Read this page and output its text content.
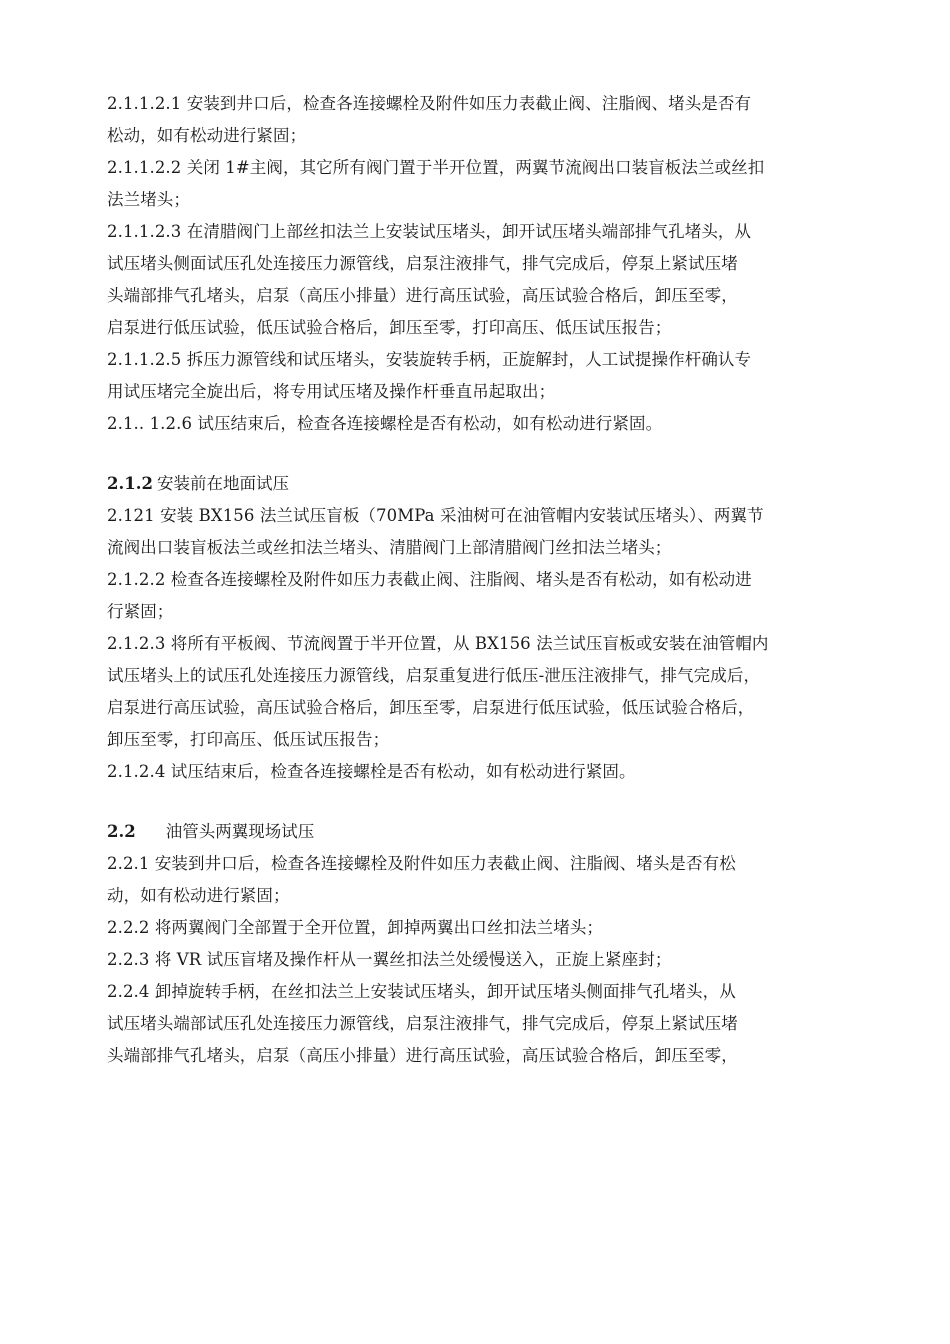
2.1.1.2.1 安装到井口后，检查各连接螺栓及附件如压力表截止阀、注脂阀、堵头是否有
松动，如有松动进行紧固；
2.1.1.2.2 关闭 1#主阀，其它所有阀门置于半开位置，两翼节流阀出口装盲板法兰或丝扣
法兰堵头；
2.1.1.2.3 在清腊阀门上部丝扣法兰上安装试压堵头，卸开试压堵头端部排气孔堵头，从
试压堵头侧面试压孔处连接压力源管线，启泵注液排气，排气完成后，停泵上紧试压堵
头端部排气孔堵头，启泵（高压小排量）进行高压试验，高压试验合格后，卸压至零，
启泵进行低压试验，低压试验合格后，卸压至零，打印高压、低压试压报告；
2.1.1.2.5 拆压力源管线和试压堵头，安装旋转手柄，正旋解封，人工试提操作杆确认专
用试压堵完全旋出后，将专用试压堵及操作杆垂直吊起取出；
2.1.. 1.2.6 试压结束后，检查各连接螺栓是否有松动，如有松动进行紧固。
2.1.2 安装前在地面试压
2.121 安装 BX156 法兰试压盲板（70MPa 采油树可在油管帽内安装试压堵头）、两翼节
流阀出口装盲板法兰或丝扣法兰堵头、清腊阀门上部清腊阀门丝扣法兰堵头；
2.1.2.2 检查各连接螺栓及附件如压力表截止阀、注脂阀、堵头是否有松动，如有松动进
行紧固；
2.1.2.3 将所有平板阀、节流阀置于半开位置，从 BX156 法兰试压盲板或安装在油管帽内
试压堵头上的试压孔处连接压力源管线，启泵重复进行低压-泄压注液排气，排气完成后，
启泵进行高压试验，高压试验合格后，卸压至零，启泵进行低压试验，低压试验合格后，
卸压至零，打印高压、低压试压报告；
2.1.2.4 试压结束后，检查各连接螺栓是否有松动，如有松动进行紧固。
2.2 油管头两翼现场试压
2.2.1 安装到井口后，检查各连接螺栓及附件如压力表截止阀、注脂阀、堵头是否有松
动，如有松动进行紧固；
2.2.2 将两翼阀门全部置于全开位置，卸掉两翼出口丝扣法兰堵头；
2.2.3 将 VR 试压盲堵及操作杆从一翼丝扣法兰处缓慢送入，正旋上紧座封；
2.2.4 卸掉旋转手柄，在丝扣法兰上安装试压堵头，卸开试压堵头侧面排气孔堵头，从
试压堵头端部试压孔处连接压力源管线，启泵注液排气，排气完成后，停泵上紧试压堵
头端部排气孔堵头，启泵（高压小排量）进行高压试验，高压试验合格后，卸压至零，
